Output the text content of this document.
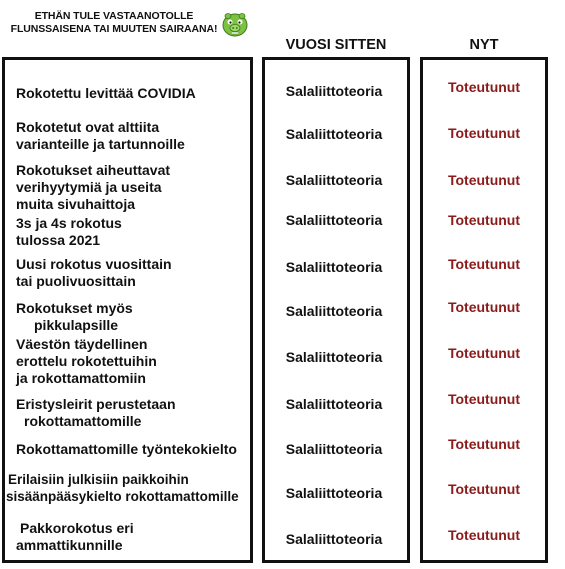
ETHÄN TULE VASTAANOTOLLE
FLUNSSAISENA TAI MUUTEN SAIRAANA!
VUOSI SITTEN	NYT
Rokotettu levittää COVIDIA	Salaliittoteoria	Toteutunut
Rokotetut ovat alttiita
varianteille ja tartunnoille
Salaliittoteoria	Toteutunut
Rokotukset aiheuttavat
verihyytymiä ja useita
muita sivuhaittoja
Salaliittoteoria	Toteutunut
3s ja 4s rokotus
tulossa 2021
Salaliittoteoria	Toteutunut
Uusi rokotus vuosittain
tai puolivuosittain
Salaliittoteoria	Toteutunut
Rokotukset myös
pikkulapsille
Salaliittoteoria	Toteutunut
Väestön täydellinen
erottelu rokotettuihin
ja rokottamattomiin
Salaliittoteoria	Toteutunut
Eristysleirit perustetaan
rokottamattomille
Salaliittoteoria	Toteutunut
Rokottamattomille työntekokielto	Salaliittoteoria	Toteutunut
Erilaisiin julkisiin paikkoihin
sisäänpääsykielto rokottamattomille	Salaliittoteoria	Toteutunut
Pakkorokotus eri
ammattikunnille	Salaliittoteoria	Toteutunut
